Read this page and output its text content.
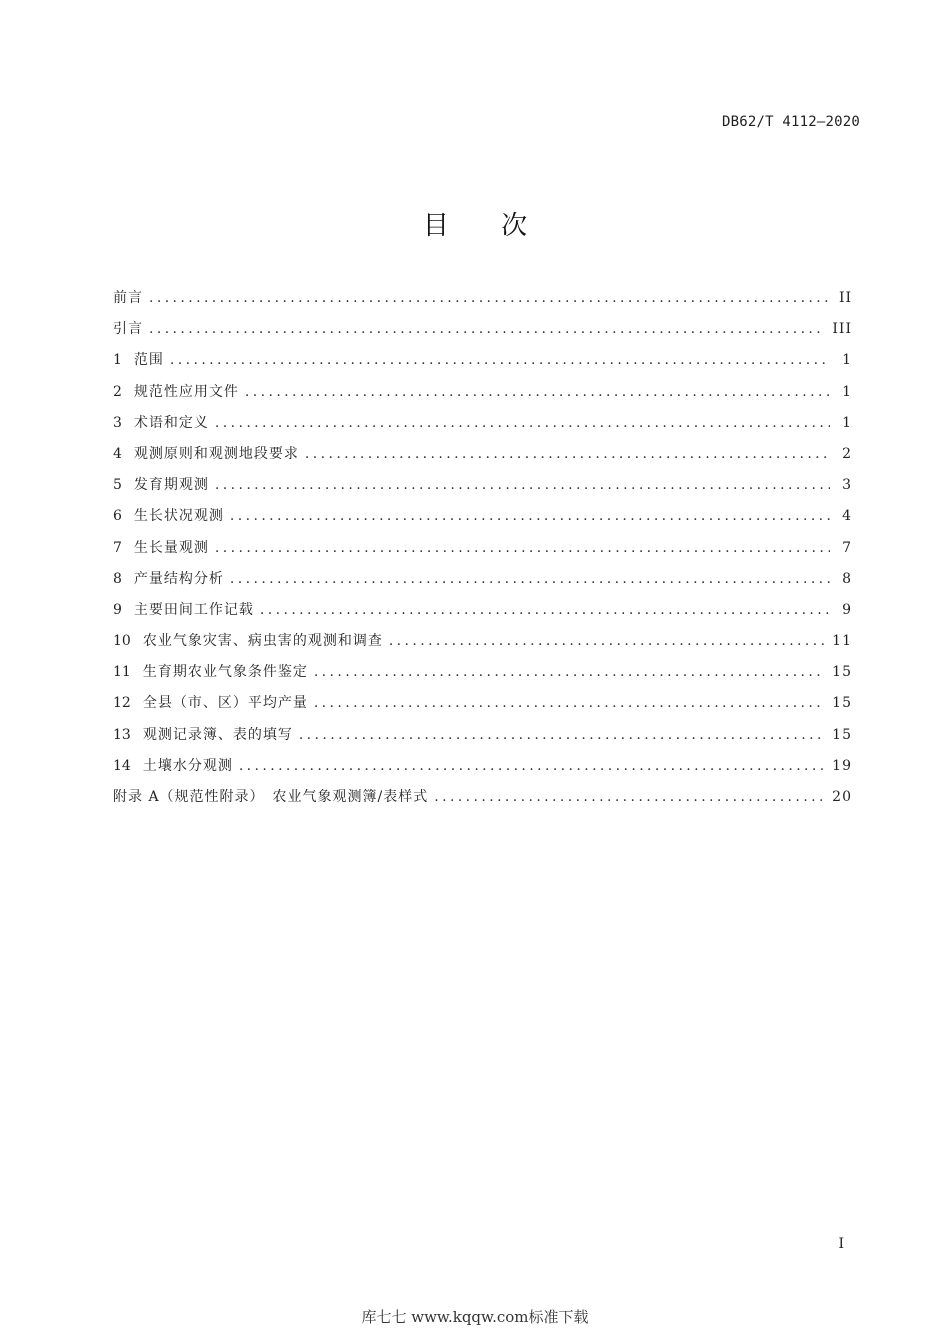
DB62/T 4112—2020
目 次
前言 .....	II
引言 .....	III
1 范围 .....	1
2 规范性应用文件 .....	1
3 术语和定义 .....	1
4 观测原则和观测地段要求 .....	2
5 发育期观测 .....	3
6 生长状况观测 .....	4
7 生长量观测 .....	7
8 产量结构分析 .....	8
9 主要田间工作记载 .....	9
10 农业气象灾害、病虫害的观测和调查 .....	11
11 生育期农业气象条件鉴定 .....	15
12 全县（市、区）平均产量 .....	15
13 观测记录簿、表的填写 .....	15
14 土壤水分观测 .....	19
附录 A（规范性附录）　农业气象观测簿/表样式 .....	20
I
库七七 www.kqqw.com标准下载
